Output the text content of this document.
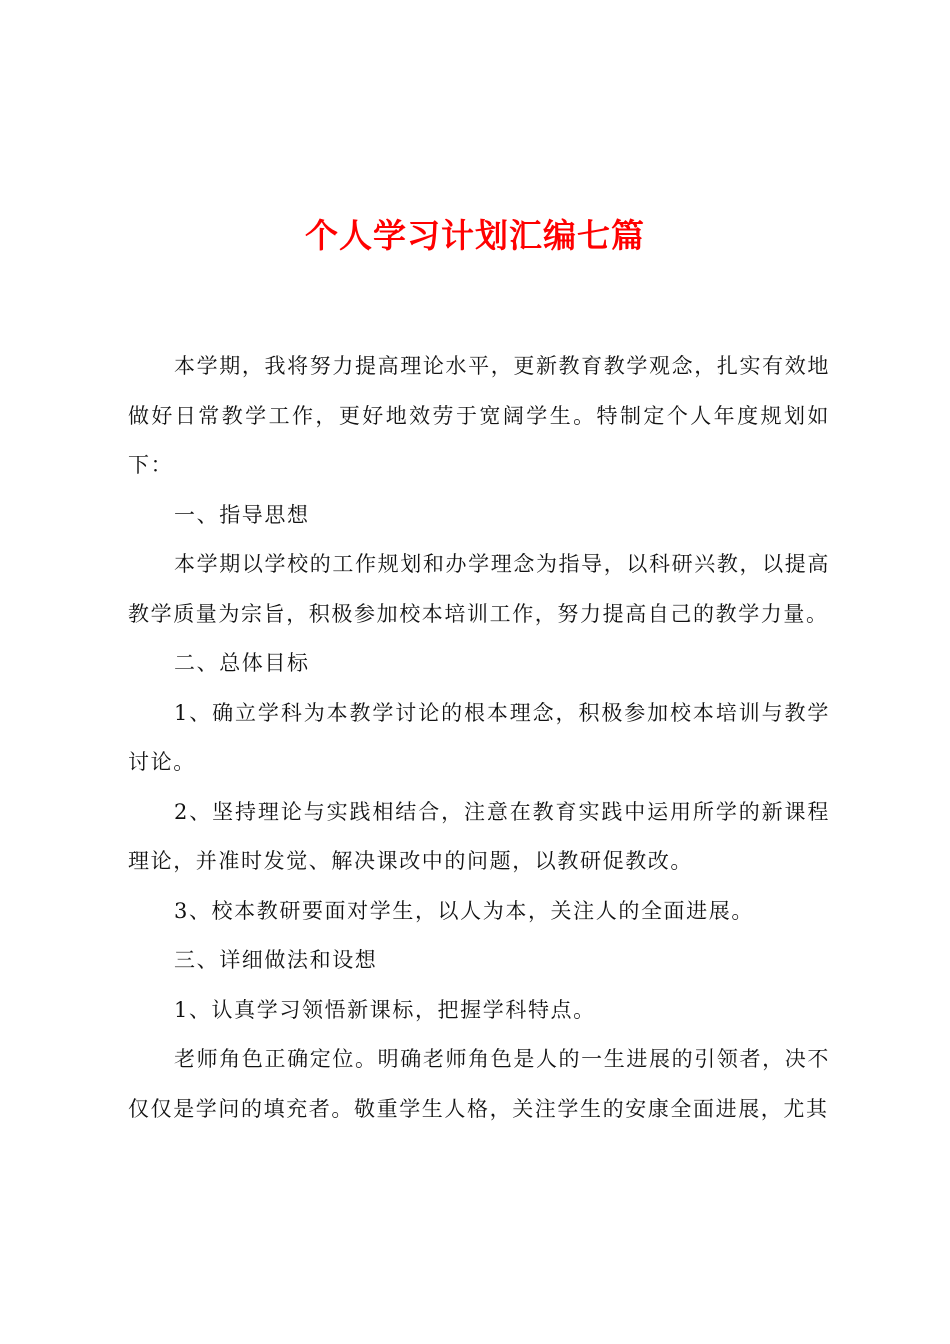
个人学习计划汇编七篇

本学期，我将努力提高理论水平，更新教育教学观念，扎实有效地做好日常教学工作，更好地效劳于宽阔学生。特制定个人年度规划如下：

一、指导思想

本学期以学校的工作规划和办学理念为指导，以科研兴教，以提高教学质量为宗旨，积极参加校本培训工作，努力提高自己的教学力量。

二、总体目标

1、确立学科为本教学讨论的根本理念，积极参加校本培训与教学讨论。

2、坚持理论与实践相结合，注意在教育实践中运用所学的新课程理论，并准时发觉、解决课改中的问题，以教研促教改。

3、校本教研要面对学生，以人为本，关注人的全面进展。

三、详细做法和设想

1、认真学习领悟新课标，把握学科特点。

老师角色正确定位。明确老师角色是人的一生进展的引领者，决不仅仅是学问的填充者。敬重学生人格，关注学生的安康全面进展，尤其
